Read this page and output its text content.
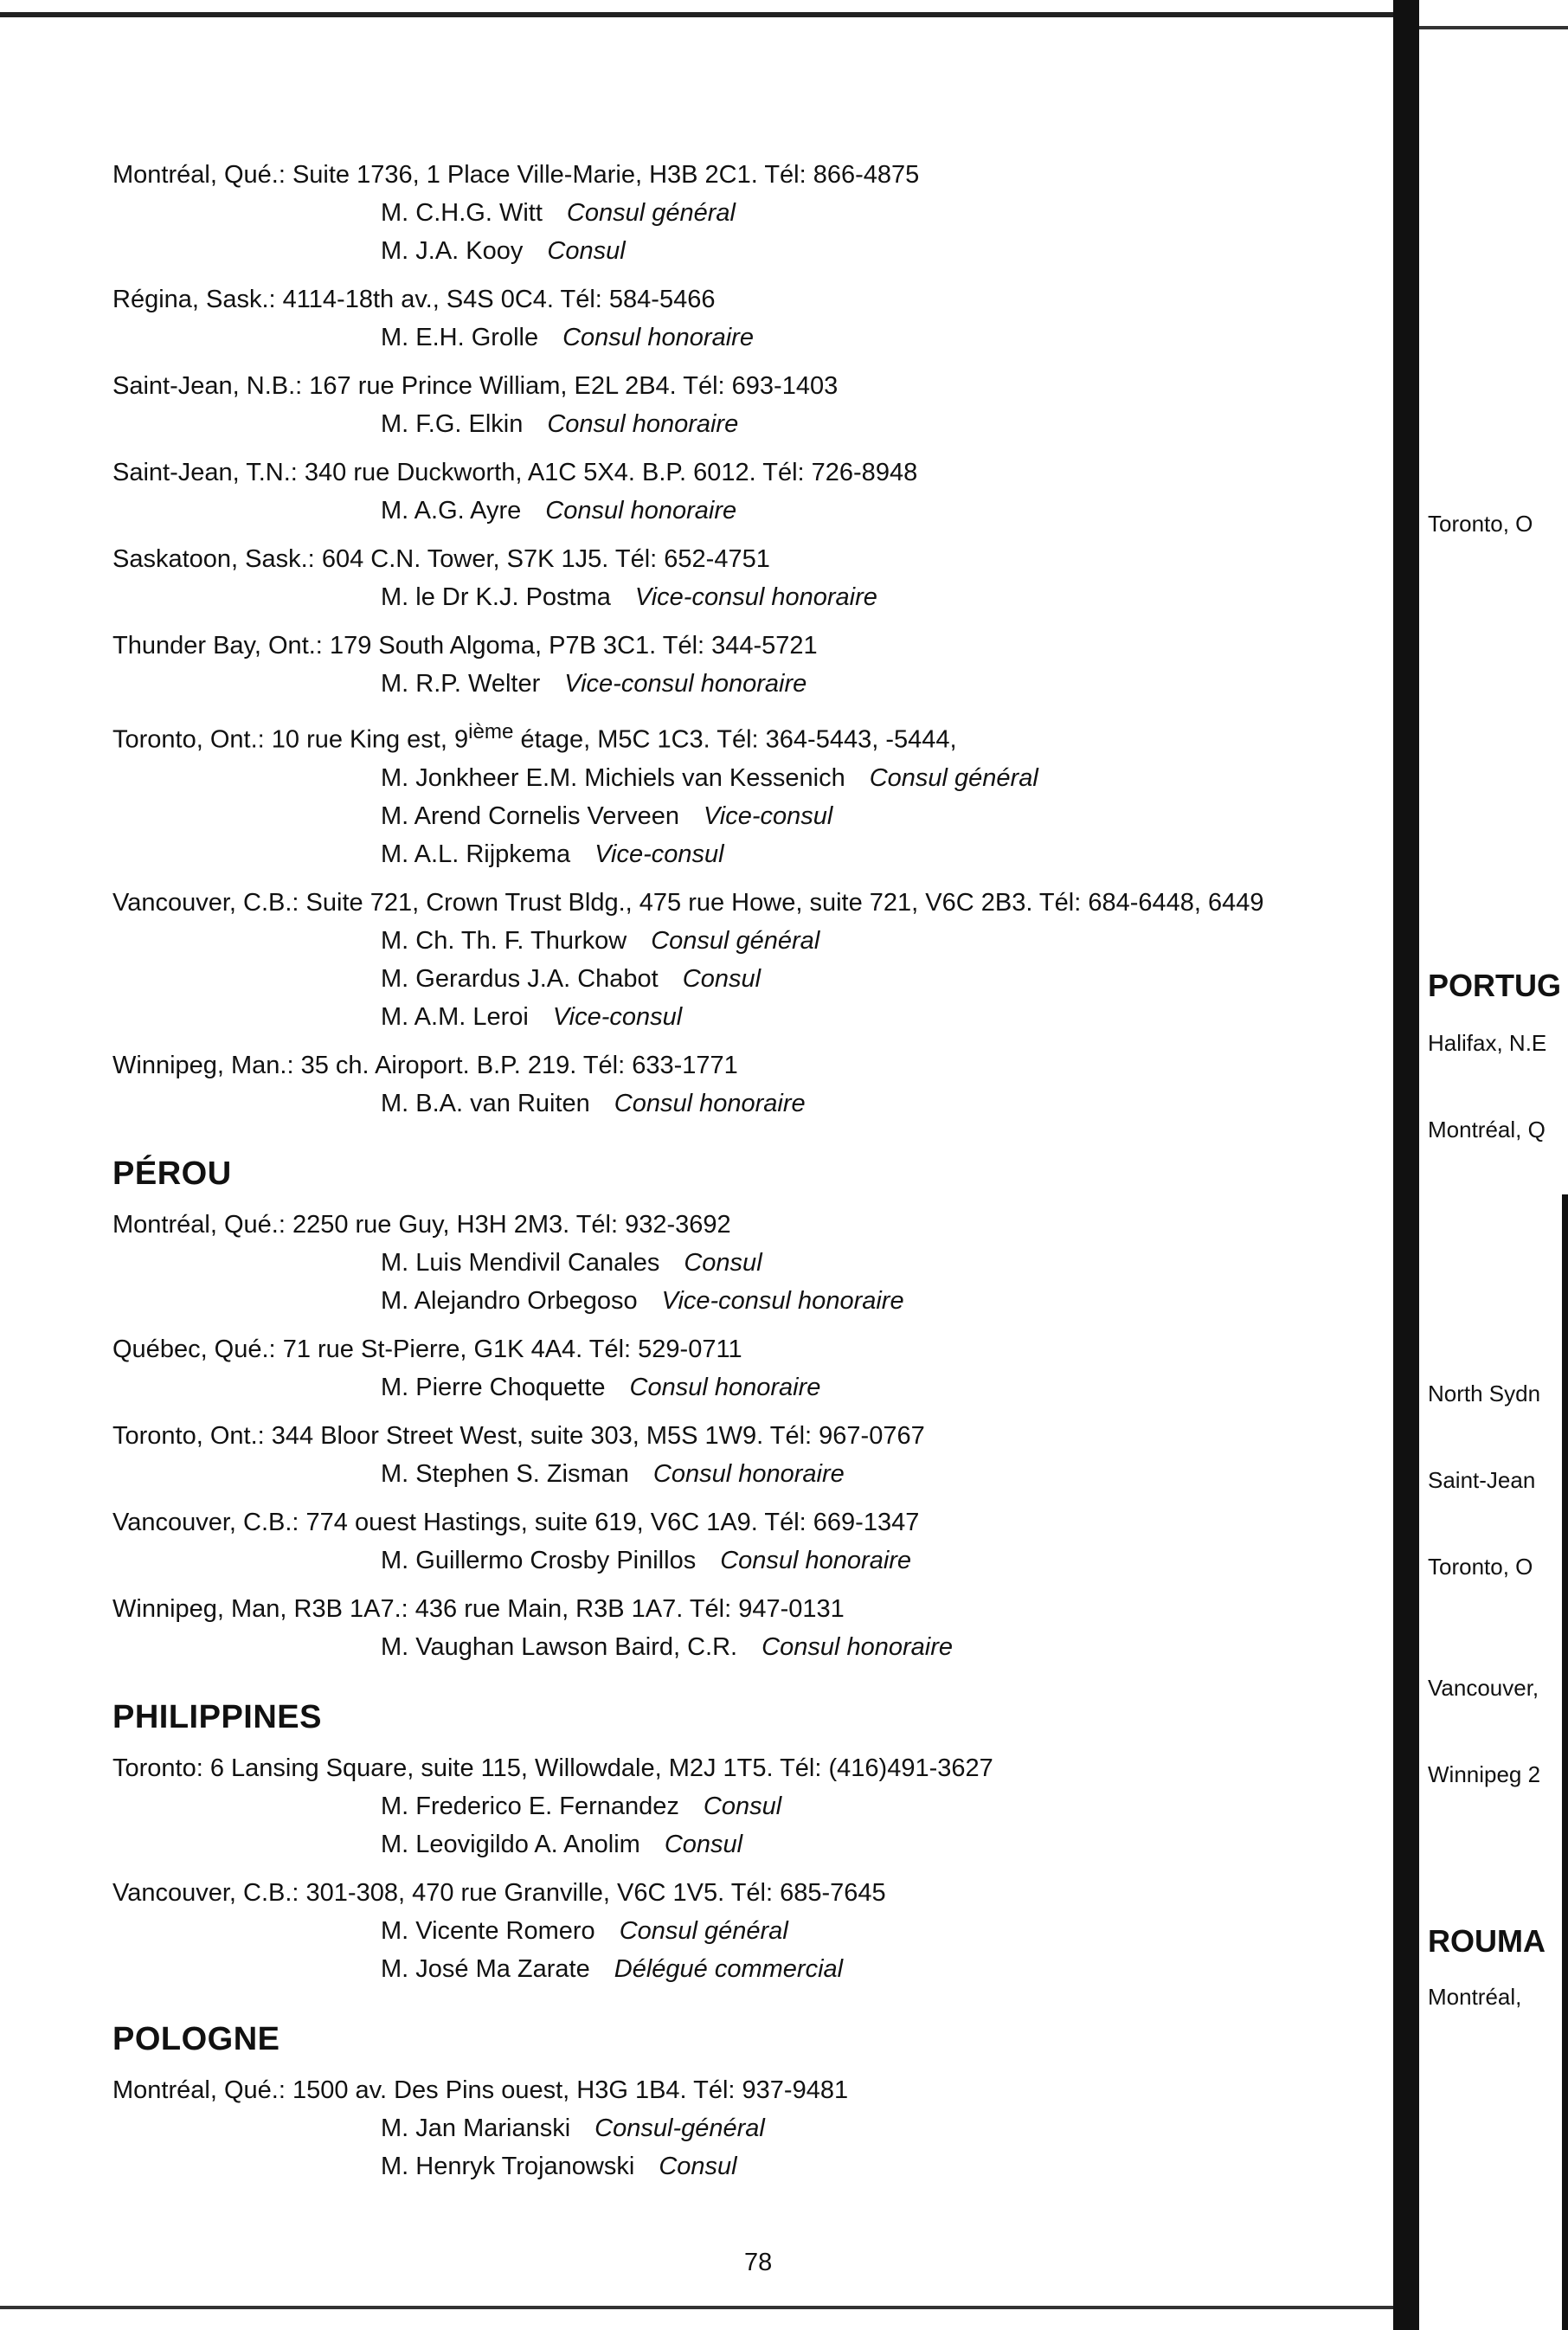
Montréal, Qué.: Suite 1736, 1 Place Ville-Marie, H3B 2C1. Tél: 866-4875
M. C.H.G. Witt Consul général
M. J.A. Kooy Consul
Régina, Sask.: 4114-18th av., S4S 0C4. Tél: 584-5466
M. E.H. Grolle Consul honoraire
Saint-Jean, N.B.: 167 rue Prince William, E2L 2B4. Tél: 693-1403
M. F.G. Elkin Consul honoraire
Saint-Jean, T.N.: 340 rue Duckworth, A1C 5X4. B.P. 6012. Tél: 726-8948
M. A.G. Ayre Consul honoraire
Saskatoon, Sask.: 604 C.N. Tower, S7K 1J5. Tél: 652-4751
M. le Dr K.J. Postma Vice-consul honoraire
Thunder Bay, Ont.: 179 South Algoma, P7B 3C1. Tél: 344-5721
M. R.P. Welter Vice-consul honoraire
Toronto, Ont.: 10 rue King est, 9ième étage, M5C 1C3. Tél: 364-5443, -5444,
M. Jonkheer E.M. Michiels van Kessenich Consul général
M. Arend Cornelis Verveen Vice-consul
M. A.L. Rijpkema Vice-consul
Vancouver, C.B.: Suite 721, Crown Trust Bldg., 475 rue Howe, suite 721, V6C 2B3. Tél: 684-6448, 6449
M. Ch. Th. F. Thurkow Consul général
M. Gerardus J.A. Chabot Consul
M. A.M. Leroi Vice-consul
Winnipeg, Man.: 35 ch. Airoport. B.P. 219. Tél: 633-1771
M. B.A. van Ruiten Consul honoraire
PÉROU
Montréal, Qué.: 2250 rue Guy, H3H 2M3. Tél: 932-3692
M. Luis Mendivil Canales Consul
M. Alejandro Orbegoso Vice-consul honoraire
Québec, Qué.: 71 rue St-Pierre, G1K 4A4. Tél: 529-0711
M. Pierre Choquette Consul honoraire
Toronto, Ont.: 344 Bloor Street West, suite 303, M5S 1W9. Tél: 967-0767
M. Stephen S. Zisman Consul honoraire
Vancouver, C.B.: 774 ouest Hastings, suite 619, V6C 1A9. Tél: 669-1347
M. Guillermo Crosby Pinillos Consul honoraire
Winnipeg, Man, R3B 1A7.: 436 rue Main, R3B 1A7. Tél: 947-0131
M. Vaughan Lawson Baird, C.R. Consul honoraire
PHILIPPINES
Toronto: 6 Lansing Square, suite 115, Willowdale, M2J 1T5. Tél: (416)491-3627
M. Frederico E. Fernandez Consul
M. Leovigildo A. Anolim Consul
Vancouver, C.B.: 301-308, 470 rue Granville, V6C 1V5. Tél: 685-7645
M. Vicente Romero Consul général
M. José Ma Zarate Délégué commercial
POLOGNE
Montréal, Qué.: 1500 av. Des Pins ouest, H3G 1B4. Tél: 937-9481
M. Jan Marianski Consul-général
M. Henryk Trojanowski Consul
78
Toronto, O
PORTUG
Halifax, N.E
Montréal, Q
North Sydn
Saint-Jean
Toronto, O
Vancouver,
Winnipeg 2
ROUMA
Montréal,
